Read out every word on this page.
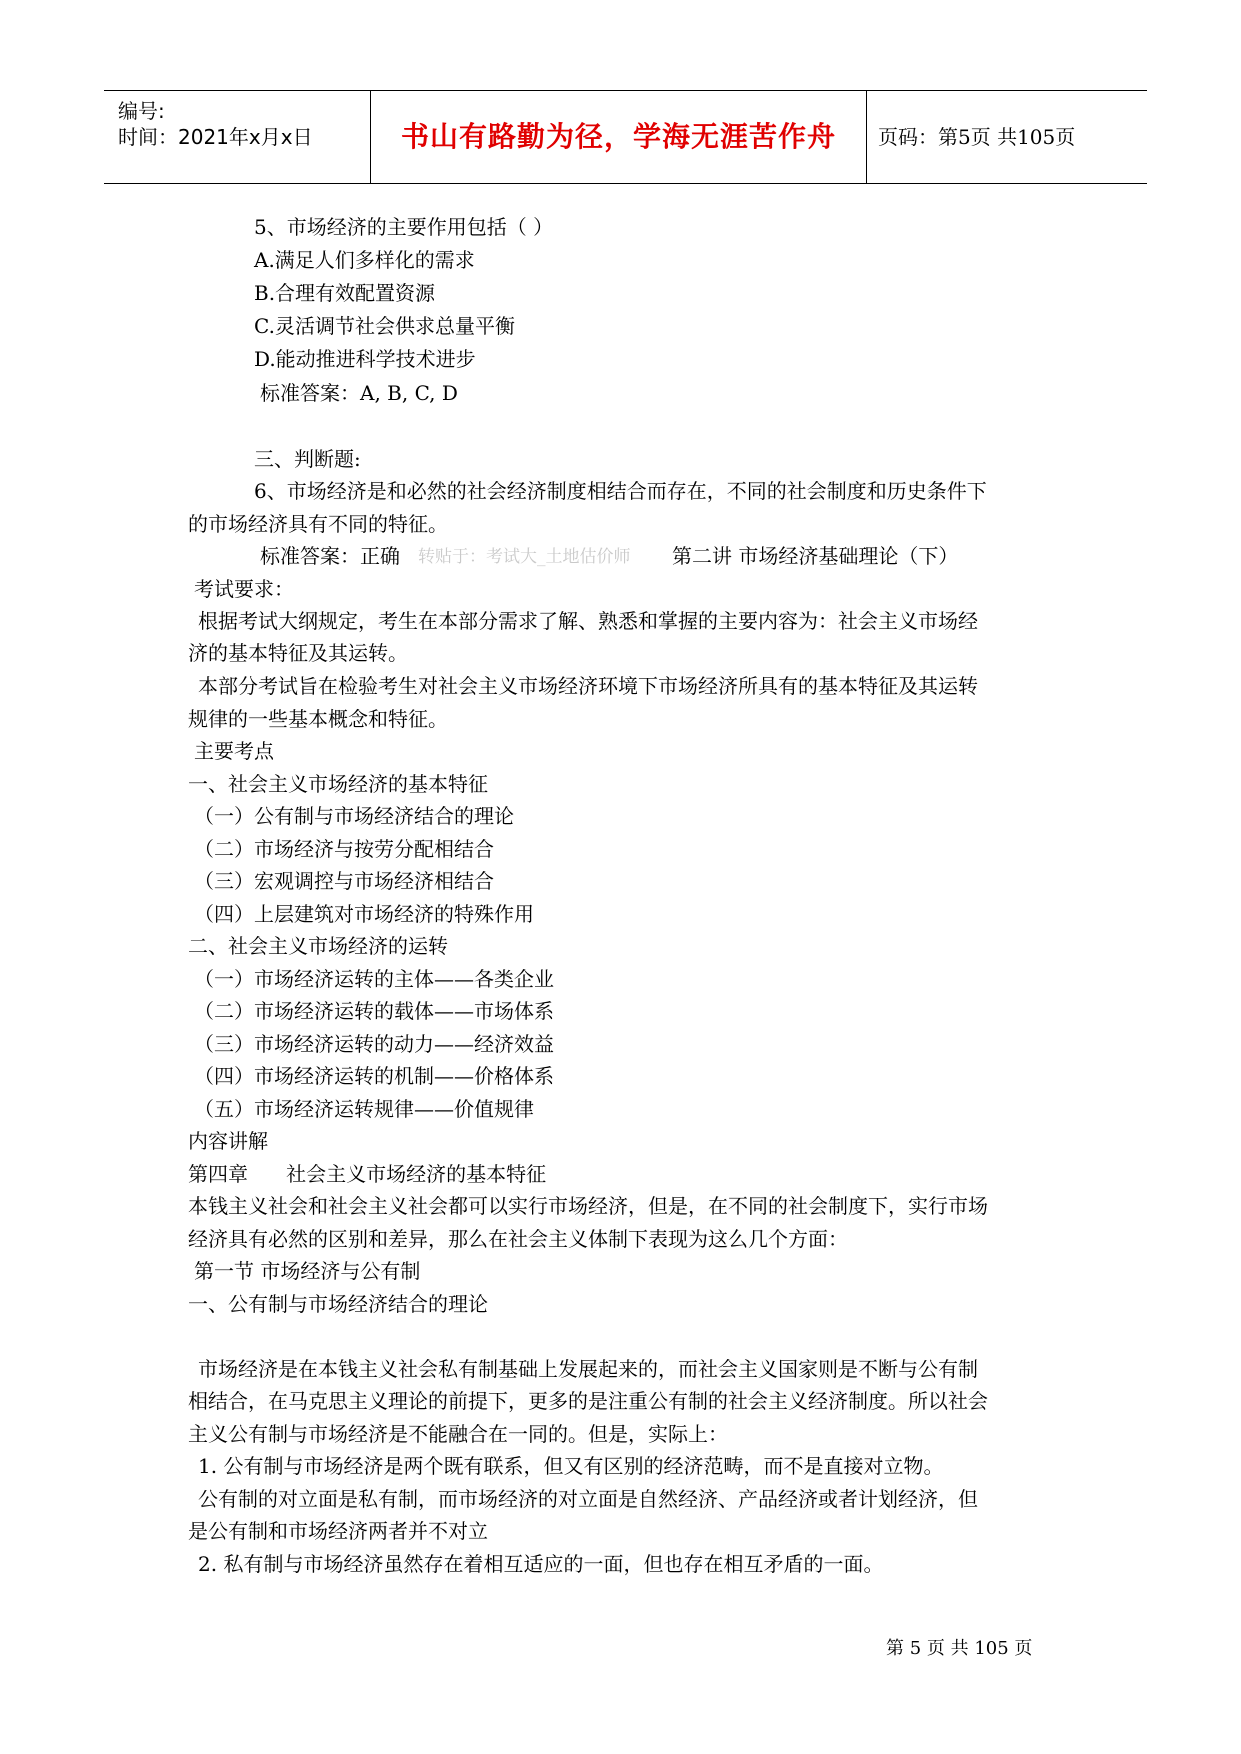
编号:
时间：2021年x月x日	书山有路勤为径，学海无涯苦作舟	页码：第5页 共105页
5、市场经济的主要作用包括（ ）
A.满足人们多样化的需求
B.合理有效配置资源
C.灵活调节社会供求总量平衡
D.能动推进科学技术进步
标准答案：A, B, C, D
三、判断题:
6、市场经济是和必然的社会经济制度相结合而存在，不同的社会制度和历史条件下
的市场经济具有不同的特征。
标准答案：正确 转贴于：考试大_土地估价师 第二讲 市场经济基础理论（下）
考试要求：
根据考试大纲规定，考生在本部分需求了解、熟悉和掌握的主要内容为：社会主义市场经
济的基本特征及其运转。
本部分考试旨在检验考生对社会主义市场经济环境下市场经济所具有的基本特征及其运转
规律的一些基本概念和特征。
主要考点
一、社会主义市场经济的基本特征
（一）公有制与市场经济结合的理论
（二）市场经济与按劳分配相结合
（三）宏观调控与市场经济相结合
（四）上层建筑对市场经济的特殊作用
二、社会主义市场经济的运转
（一）市场经济运转的主体——各类企业
（二）市场经济运转的载体——市场体系
（三）市场经济运转的动力——经济效益
（四）市场经济运转的机制——价格体系
（五）市场经济运转规律——价值规律
内容讲解
第四章      社会主义市场经济的基本特征
本钱主义社会和社会主义社会都可以实行市场经济，但是，在不同的社会制度下，实行市场
经济具有必然的区别和差异，那么在社会主义体制下表现为这么几个方面：
第一节 市场经济与公有制
一、公有制与市场经济结合的理论
市场经济是在本钱主义社会私有制基础上发展起来的，而社会主义国家则是不断与公有制
相结合，在马克思主义理论的前提下，更多的是注重公有制的社会主义经济制度。所以社会
主义公有制与市场经济是不能融合在一同的。但是，实际上：
1. 公有制与市场经济是两个既有联系，但又有区别的经济范畴，而不是直接对立物。
公有制的对立面是私有制，而市场经济的对立面是自然经济、产品经济或者计划经济，但
是公有制和市场经济两者并不对立
2. 私有制与市场经济虽然存在着相互适应的一面，但也存在相互矛盾的一面。
第 5 页 共 105 页
